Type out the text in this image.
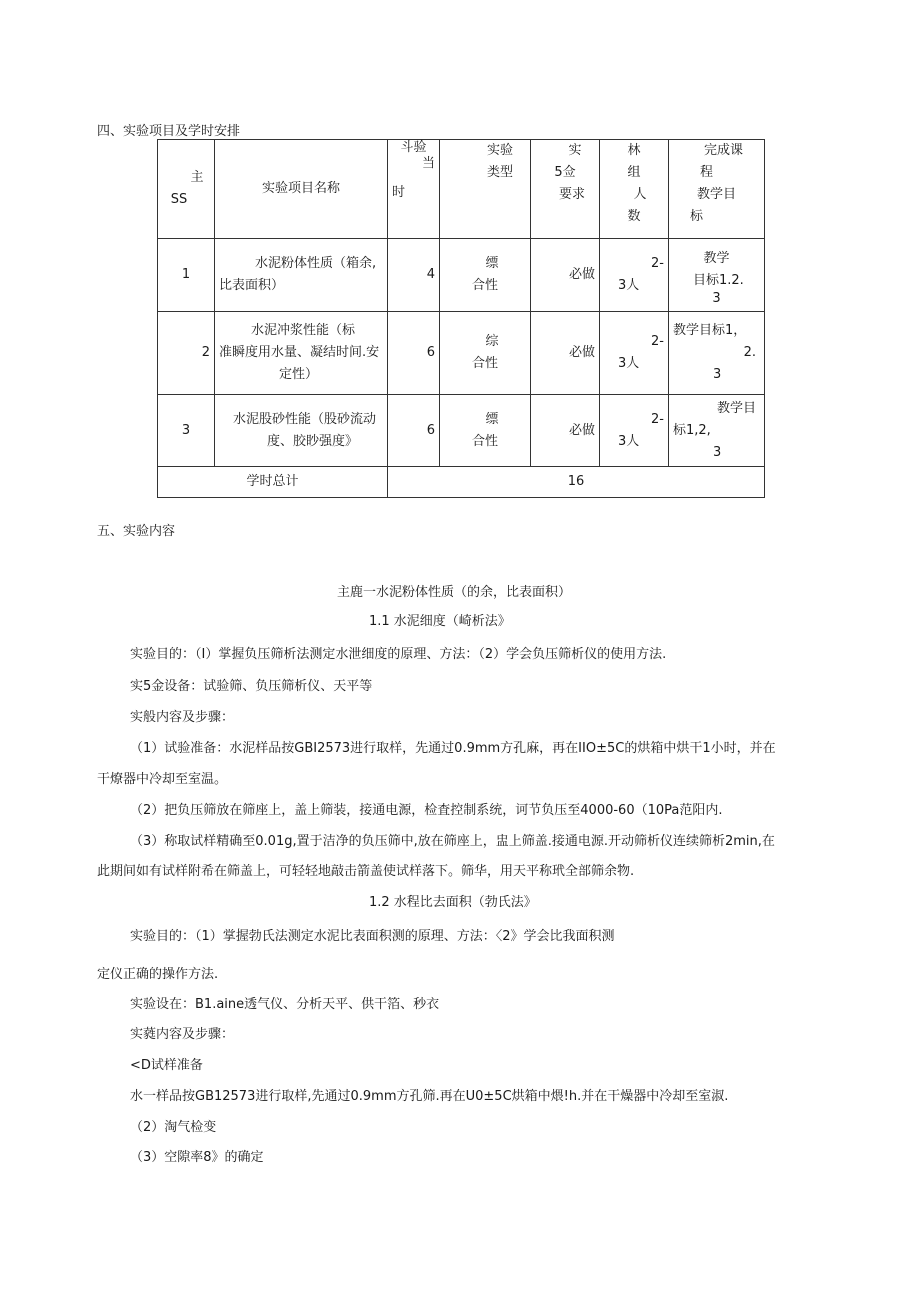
四、实验项目及学时安排
主
SS	实验项目名称	斗验
当
时	实验
类型	实
5佥
要求	林
组
人
数	完成课
程
教学目
标

1	水泥粉体性质（箱余,
比表面积）	4	缥
合性	必做	2-
3人	教学
目标1.2.
3

2	水泥冲浆性能（标
准瞬度用水量、凝结时间.安
定性）	6	综
合性	必做	2-
3人	教学目标1，
2.
3

3	水泥股砂性能（股砂流动
度、胶眇强度》	6	缥
合性	必做	2-
3人	教学目
标1,2,
3

学时总计		16				
五、实验内容
主鹿一水泥粉体性质（的余，比表面积）
1.1 水泥细度（崎析法》
实验目的：（I）掌握负压筛析法测定水泄细度的原理、方法：（2）学会负压筛析仪的使用方法.
实5金设备：试验筛、负压筛析仪、天平等
实般内容及步骤：
（1）试验准备：水泥样品按GBI2573进行取样，先通过0.9mm方孔麻，再在IIO±5C的烘箱中烘干1小时，并在
干燎器中冷却至室温。
（2）把负压筛放在筛座上，盖上筛装，接通电源，检査控制系统，诃节负压至4000-60（10Pa范阳内.
（3）称取试样精确至0.01g,置于洁净的负压筛中,放在筛座上，盅上筛盖.接通电源.开动筛析仪连续筛析2min,在
此期间如有试样附希在筛盖上，可轻轻地敲击箭盖使试样落下。筛华，用天平称玳全部筛余物.
1.2 水程比去面积（勃氏法》
实验目的：（1）掌握勃氏法测定水泥比表面积测的原理、方法：〈2》学会比我面积测
定仪正确的操作方法.
实验设在：B1.aine透气仪、分析天平、供干箔、秒衣
实蕤内容及步骤：
<D试样准备
水一样品按GB12573进行取样,先通过0.9mm方孔筛.再在U0±5C烘箱中煨!h.并在干燥器中冷却至室淑.
（2）淘气检变
（3）空隙率8》的确定
